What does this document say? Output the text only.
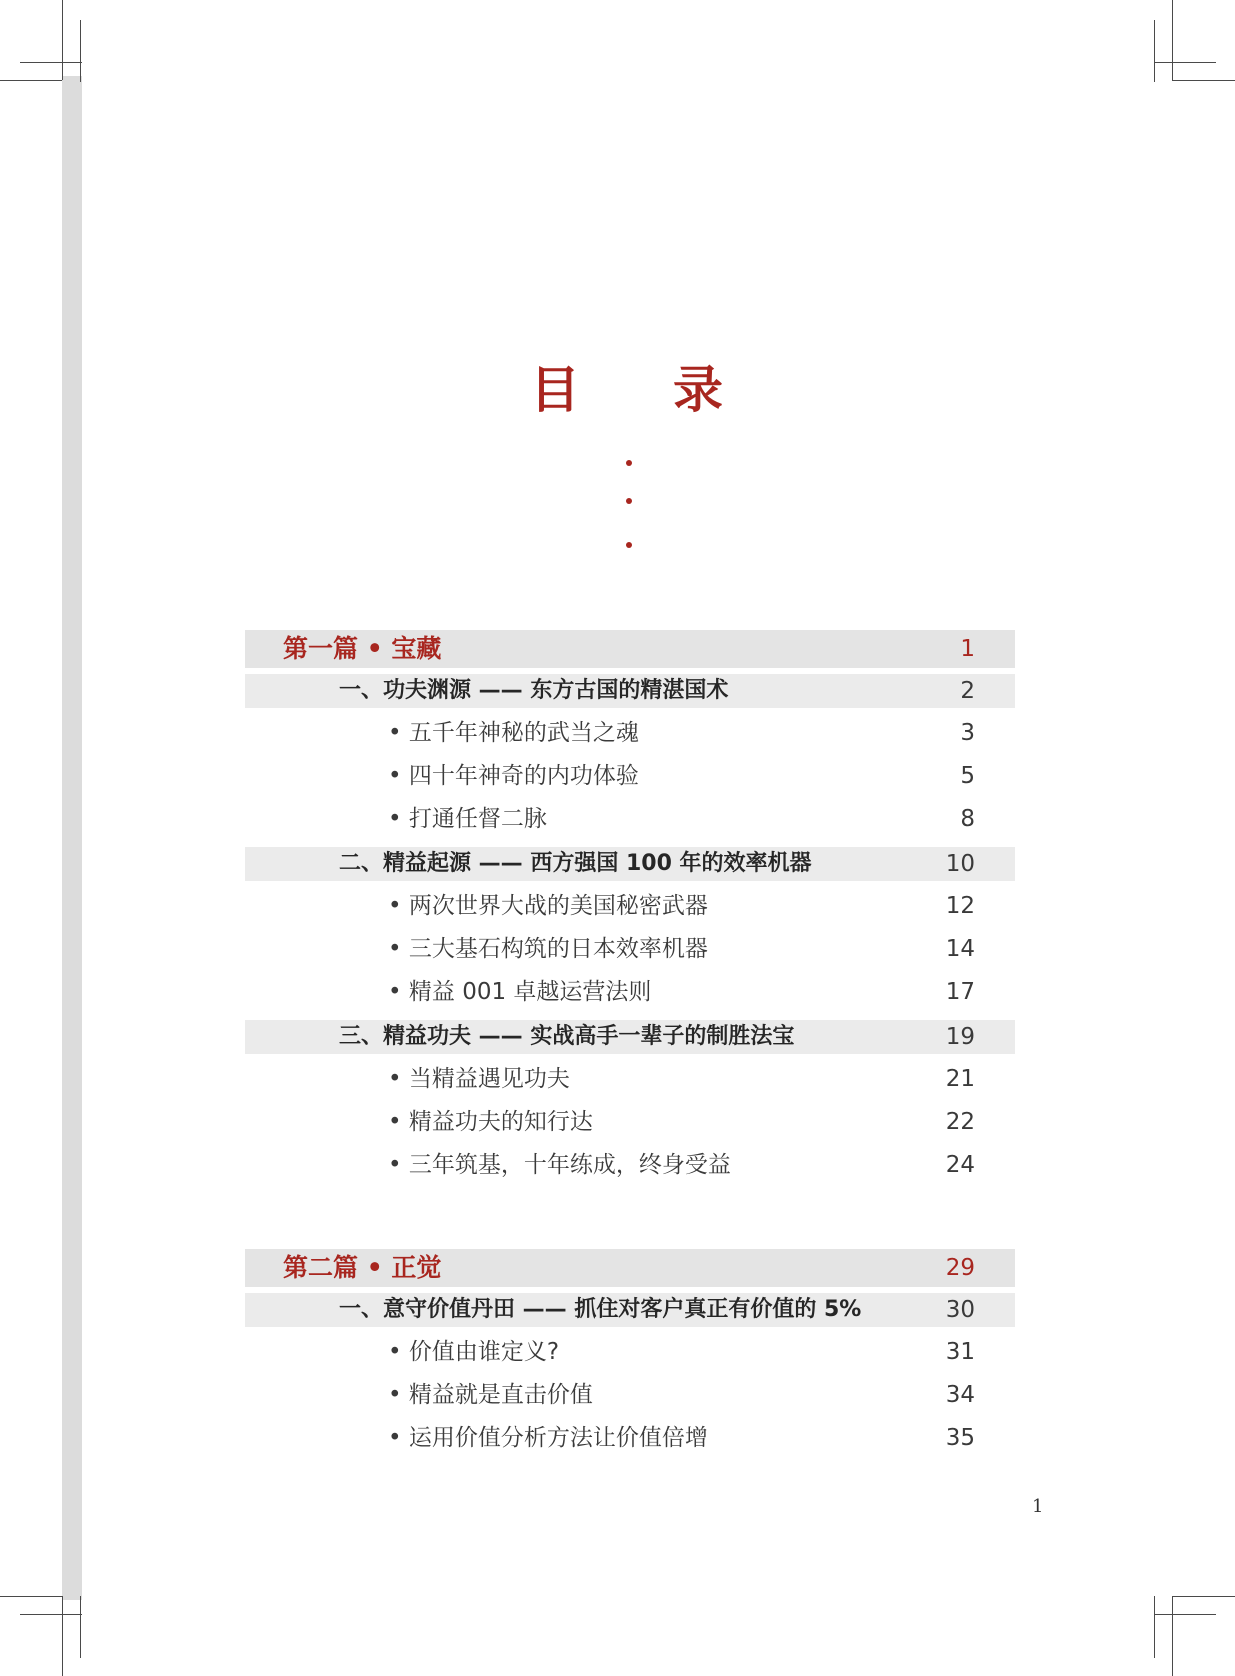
目 录
第一篇 • 宝藏	1
一、功夫渊源 —— 东方古国的精湛国术	2
• 五千年神秘的武当之魂	3
• 四十年神奇的内功体验	5
• 打通任督二脉	8
二、精益起源 —— 西方强国 100 年的效率机器	10
• 两次世界大战的美国秘密武器	12
• 三大基石构筑的日本效率机器	14
• 精益 001 卓越运营法则	17
三、精益功夫 —— 实战高手一辈子的制胜法宝	19
• 当精益遇见功夫	21
• 精益功夫的知行达	22
• 三年筑基，十年练成，终身受益	24
第二篇 • 正觉	29
一、意守价值丹田 —— 抓住对客户真正有价值的 5%	30
• 价值由谁定义?	31
• 精益就是直击价值	34
• 运用价值分析方法让价值倍增	35
1
